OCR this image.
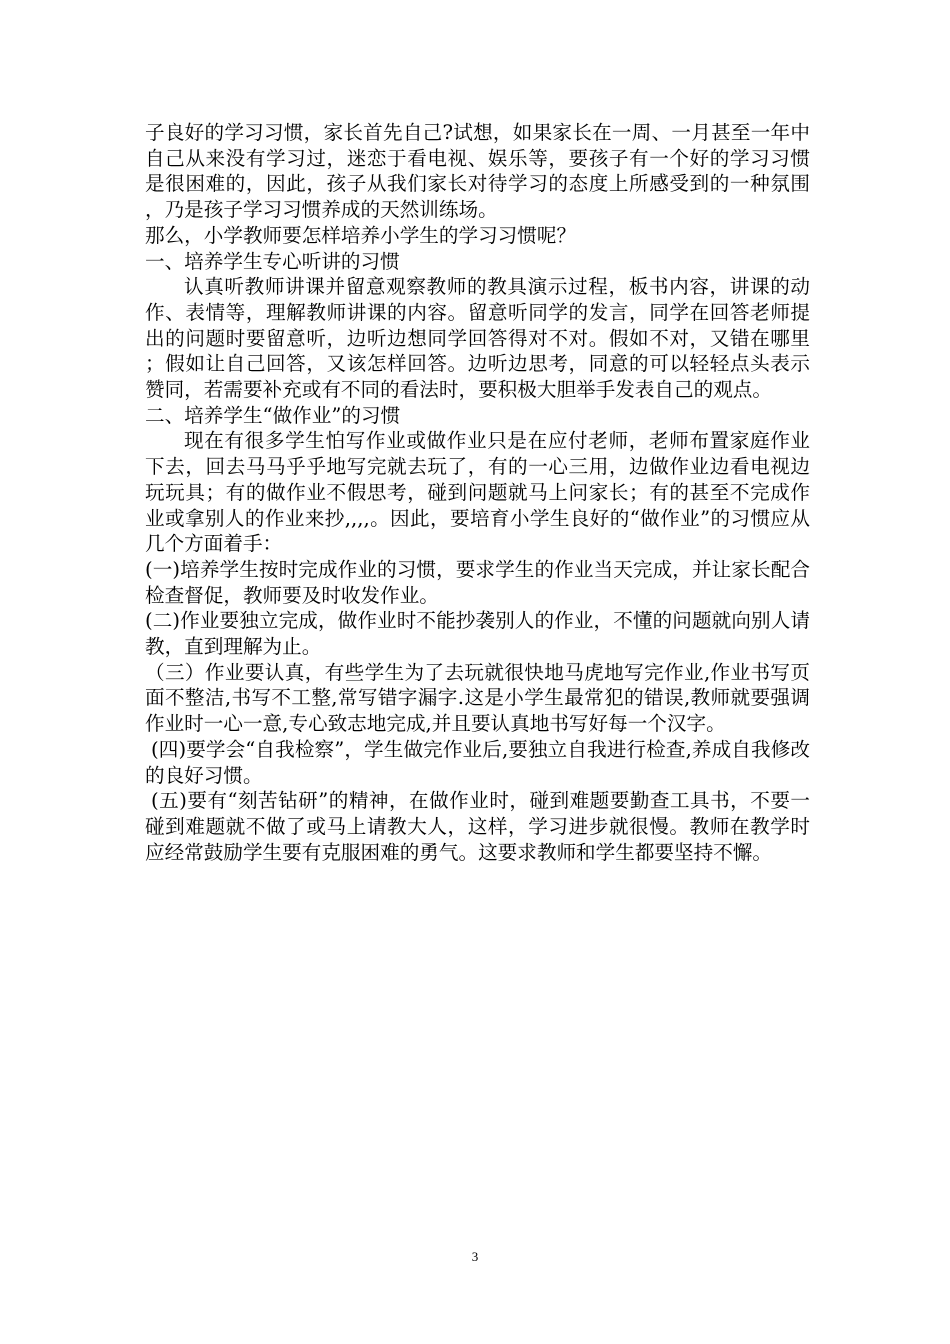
子良好的学习习惯，家长首先自己?试想，如果家长在一周、一月甚至一年中自己从来没有学习过，迷恋于看电视、娱乐等，要孩子有一个好的学习习惯是很困难的，因此，孩子从我们家长对待学习的态度上所感受到的一种氛围，乃是孩子学习习惯养成的天然训练场。

那么，小学教师要怎样培养小学生的学习习惯呢？

一、培养学生专心听讲的习惯

认真听教师讲课并留意观察教师的教具演示过程，板书内容，讲课的动作、表情等，理解教师讲课的内容。留意听同学的发言，同学在回答老师提出的问题时要留意听，边听边想同学回答得对不对。假如不对，又错在哪里；假如让自己回答，又该怎样回答。边听边思考，同意的可以轻轻点头表示赞同，若需要补充或有不同的看法时，要积极大胆举手发表自己的观点。

二、培养学生“做作业”的习惯

现在有很多学生怕写作业或做作业只是在应付老师，老师布置家庭作业下去，回去马马乎乎地写完就去玩了，有的一心三用，边做作业边看电视边玩玩具；有的做作业不假思考，碰到问题就马上问家长；有的甚至不完成作业或拿别人的作业来抄,,,,。因此，要培育小学生良好的“做作业”的习惯应从几个方面着手：

(一)培养学生按时完成作业的习惯，要求学生的作业当天完成，并让家长配合检查督促，教师要及时收发作业。

(二)作业要独立完成，做作业时不能抄袭别人的作业，不懂的问题就向别人请教，直到理解为止。

（三）作业要认真，有些学生为了去玩就很快地马虎地写完作业,作业书写页面不整洁,书写不工整,常写错字漏字.这是小学生最常犯的错误,教师就要强调作业时一心一意,专心致志地完成,并且要认真地书写好每一个汉字。

(四)要学会“自我检察”，学生做完作业后,要独立自我进行检查,养成自我修改的良好习惯。

(五)要有“刻苦钻研”的精神，在做作业时，碰到难题要勤查工具书，不要一碰到难题就不做了或马上请教大人，这样，学习进步就很慢。教师在教学时应经常鼓励学生要有克服困难的勇气。这要求教师和学生都要坚持不懈。

3
